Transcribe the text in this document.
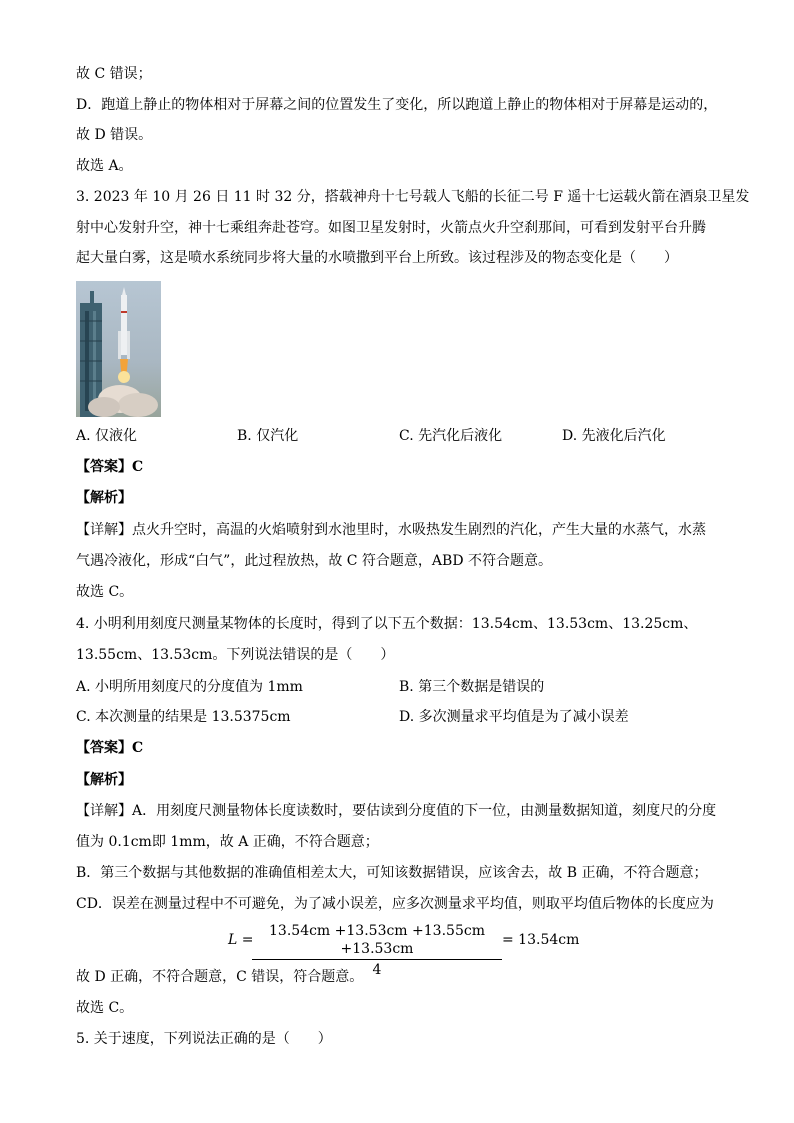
故 C 错误；
D．跑道上静止的物体相对于屏幕之间的位置发生了变化，所以跑道上静止的物体相对于屏幕是运动的，
故 D 错误。
故选 A。
3. 2023 年 10 月 26 日 11 时 32 分，搭载神舟十七号载人飞船的长征二号 F 遥十七运载火箭在酒泉卫星发
射中心发射升空，神十七乘组奔赴苍穹。如图卫星发射时，火箭点火升空刹那间，可看到发射平台升腾
起大量白雾，这是喷水系统同步将大量的水喷撒到平台上所致。该过程涉及的物态变化是（　　）
A. 仅液化	B. 仅汽化	C. 先汽化后液化	D. 先液化后汽化
【答案】C
【解析】
【详解】点火升空时，高温的火焰喷射到水池里时，水吸热发生剧烈的汽化，产生大量的水蒸气，水蒸
气遇冷液化，形成“白气”，此过程放热，故 C 符合题意，ABD 不符合题意。
故选 C。
4. 小明利用刻度尺测量某物体的长度时，得到了以下五个数据：13.54cm、13.53cm、13.25cm、
13.55cm、13.53cm。下列说法错误的是（　　）
A. 小明所用刻度尺的分度值为 1mm	B. 第三个数据是错误的
C. 本次测量的结果是 13.5375cm	D. 多次测量求平均值是为了减小误差
【答案】C
【解析】
【详解】A．用刻度尺测量物体长度读数时，要估读到分度值的下一位，由测量数据知道，刻度尺的分度
值为 0.1cm即 1mm，故 A 正确，不符合题意；
B．第三个数据与其他数据的准确值相差太大，可知该数据错误，应该舍去，故 B 正确，不符合题意；
CD．误差在测量过程中不可避免，为了减小误差，应多次测量求平均值，则取平均值后物体的长度应为
L =
13.54cm +13.53cm +13.55cm +13.53cm
4
= 13.54cm
故 D 正确，不符合题意，C 错误，符合题意。
故选 C。
5. 关于速度，下列说法正确的是（　　）
